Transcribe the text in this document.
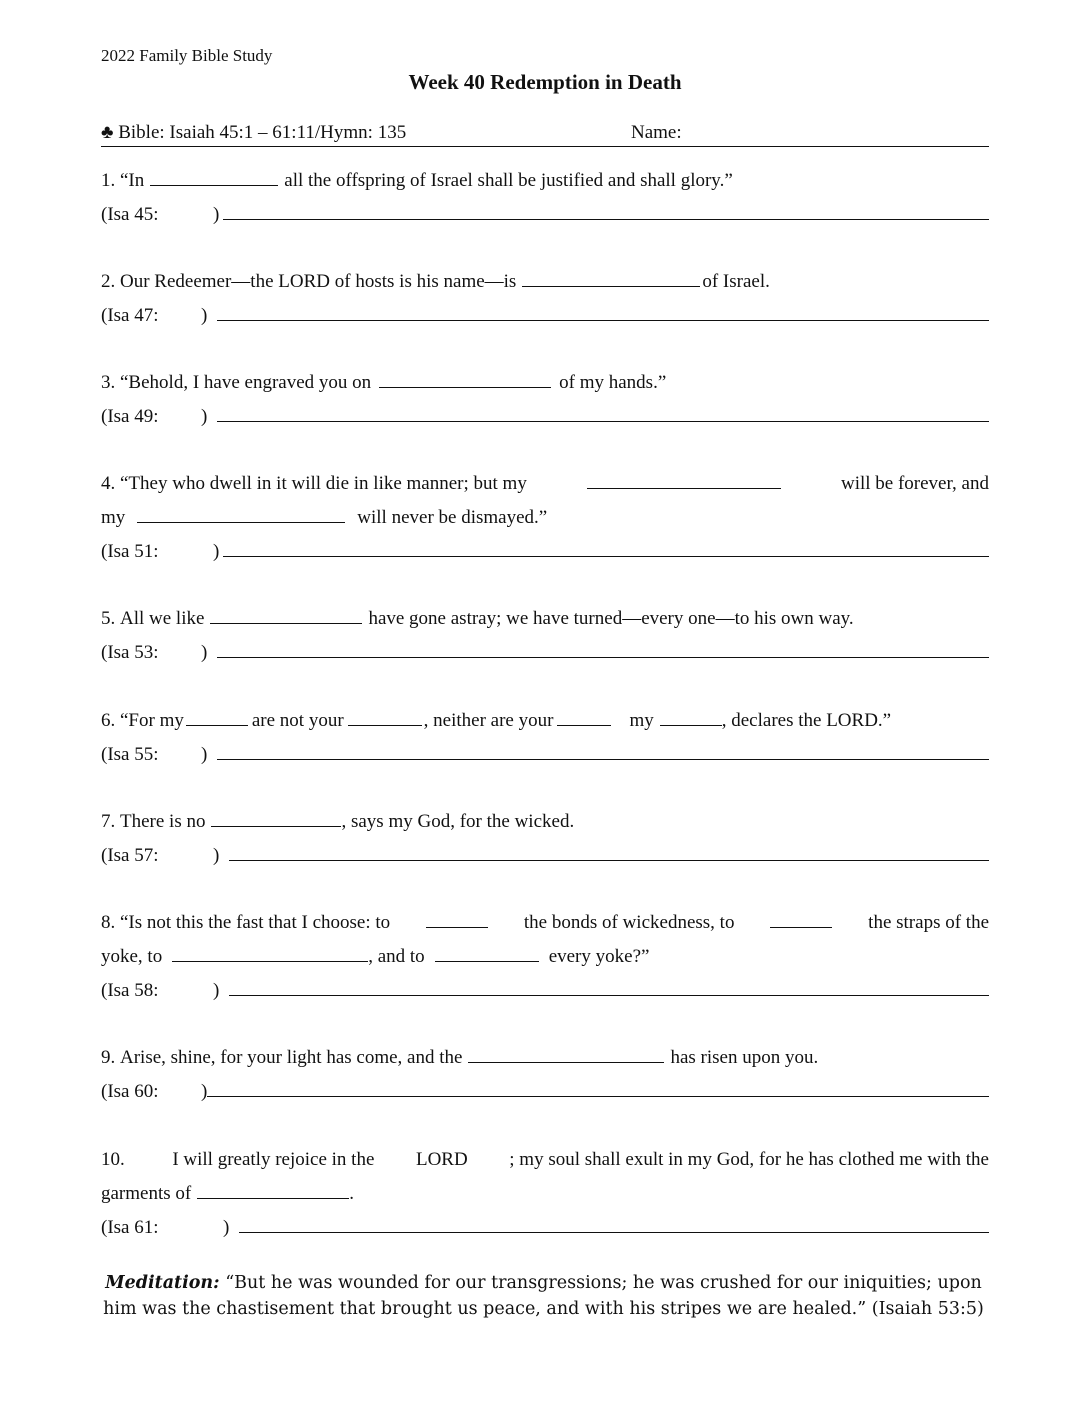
2022 Family Bible Study
Week 40 Redemption in Death
♣ Bible: Isaiah 45:1 – 61:11/Hymn: 135	Name:
1.
“In	all the offspring of Israel shall be justified and shall glory.”
(Isa 45:	)
2.
Our Redeemer—the
LORD
of hosts is his name—is	of Israel.
(Isa 47:	)
3.
“Behold, I have engraved you on	of my hands.”
(Isa 49:	)
4. “They who dwell in it will die in like manner; but my	will be forever, and
my	will never be dismayed.”
(Isa 51:	)
5.
All we like	have gone astray; we have turned—every one—to his own way.
(Isa 53:	)
6.
“For my	are not your	, neither are your	my	, declares the
LORD .”
(Isa 55:	)
7.
There is no	, says my God, for the wicked.
(Isa 57:	)
8. “Is not this the fast that I choose: to	the bonds of wickedness, to	the straps of the
yoke, to	, and to	every yoke?”
(Isa 58:	)
9.
Arise, shine, for your light has come, and the	has risen upon you.
(Isa 60:	)
10.	I will greatly rejoice in the LORD ; my soul shall exult in my God, for he has clothed me with the
garments of	.
(Isa 61:	)
Meditation: “But he was wounded for our transgressions; he was crushed for our iniquities; upon
him was the chastisement that brought us peace, and with his stripes we are healed.” (Isaiah 53:5)
